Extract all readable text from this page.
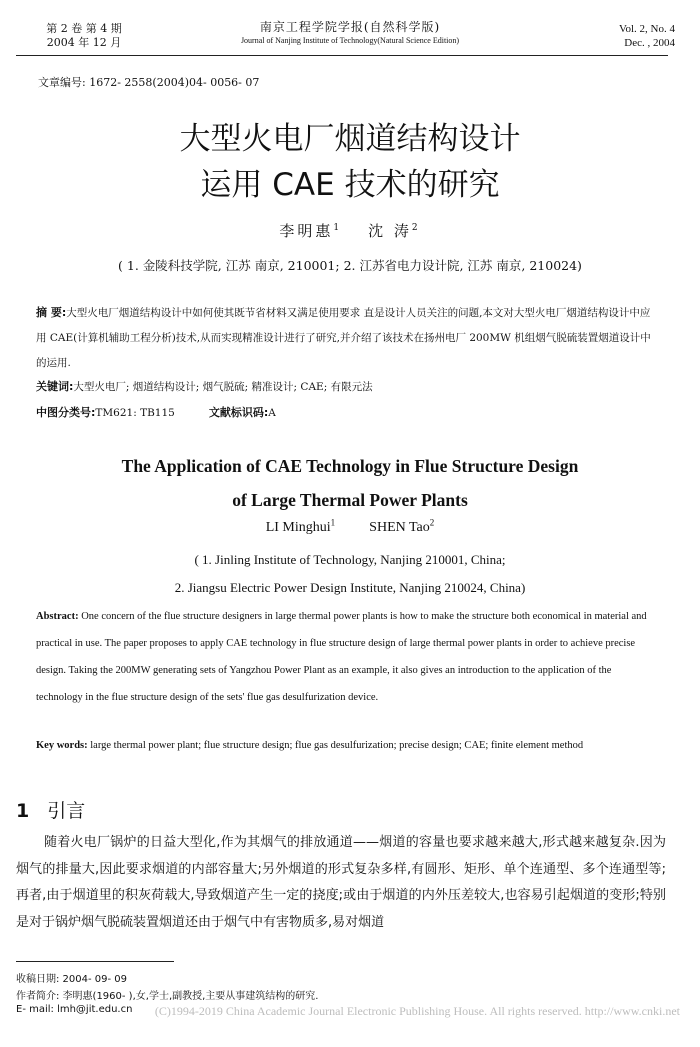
第 2 卷 第 4 期
2004 年 12 月
南京工程学院学报(自然科学版)
Journal of Nanjing Institute of Technology(Natural Science Edition)
Vol. 2, No. 4
Dec. , 2004
文章编号: 1672- 2558(2004)04- 0056- 07
大型火电厂烟道结构设计
运用 CAE 技术的研究
李明惠$^1$ 沈 涛$^2$
( 1. 金陵科技学院, 江苏 南京, 210001; 2. 江苏省电力设计院, 江苏 南京, 210024)
摘 要:大型火电厂烟道结构设计中如何使其既节省材料又满足使用要求 直是设计人员关注的问题,本文对大型火电厂烟道结构设计中应用 CAE(计算机辅助工程分析)技术,从而实现精准设计进行了研究,并介绍了该技术在扬州电厂 200MW 机组烟气脱硫装置烟道设计中的运用.
关键词:大型火电厂; 烟道结构设计; 烟气脱硫; 精准设计; CAE; 有限元法
中图分类号:TM621: TB115	文献标识码:A
The Application of CAE Technology in Flue Structure Design
of Large Thermal Power Plants
LI Minghui$^1$ SHEN Tao$^2$
( 1. Jinling Institute of Technology, Nanjing 210001, China;
2. Jiangsu Electric Power Design Institute, Nanjing 210024, China)
Abstract: One concern of the flue structure designers in large thermal power plants is how to make the structure both economical in material and practical in use. The paper proposes to apply CAE technology in flue structure design of large thermal power plants in order to achieve precise design. Taking the 200MW generating sets of Yangzhou Power Plant as an example, it also gives an introduction to the application of the technology in the flue structure design of the sets' flue gas desulfurization device.
Key words: large thermal power plant; flue structure design; flue gas desulfurization; precise design; CAE; finite element method
1 引言
随着火电厂锅炉的日益大型化,作为其烟气的排放通道——烟道的容量也要求越来越大,形式越来越复杂.因为烟气的排量大,因此要求烟道的内部容量大;另外烟道的形式复杂多样,有圆形、矩形、单个连通型、多个连通型等;再者,由于烟道里的积灰荷载大,导致烟道产生一定的挠度;或由于烟道的内外压差较大,也容易引起烟道的变形;特别是对于锅炉烟气脱硫装置烟道还由于烟气中有害物质多,易对烟道
收稿日期: 2004- 09- 09
作者简介: 李明惠(1960- ),女,学士,副教授,主要从事建筑结构的研究.
E- mail: lmh@jit.edu.cn	(C)1994-2019 China Academic Journal Electronic Publishing House. All rights reserved. http://www.cnki.net
